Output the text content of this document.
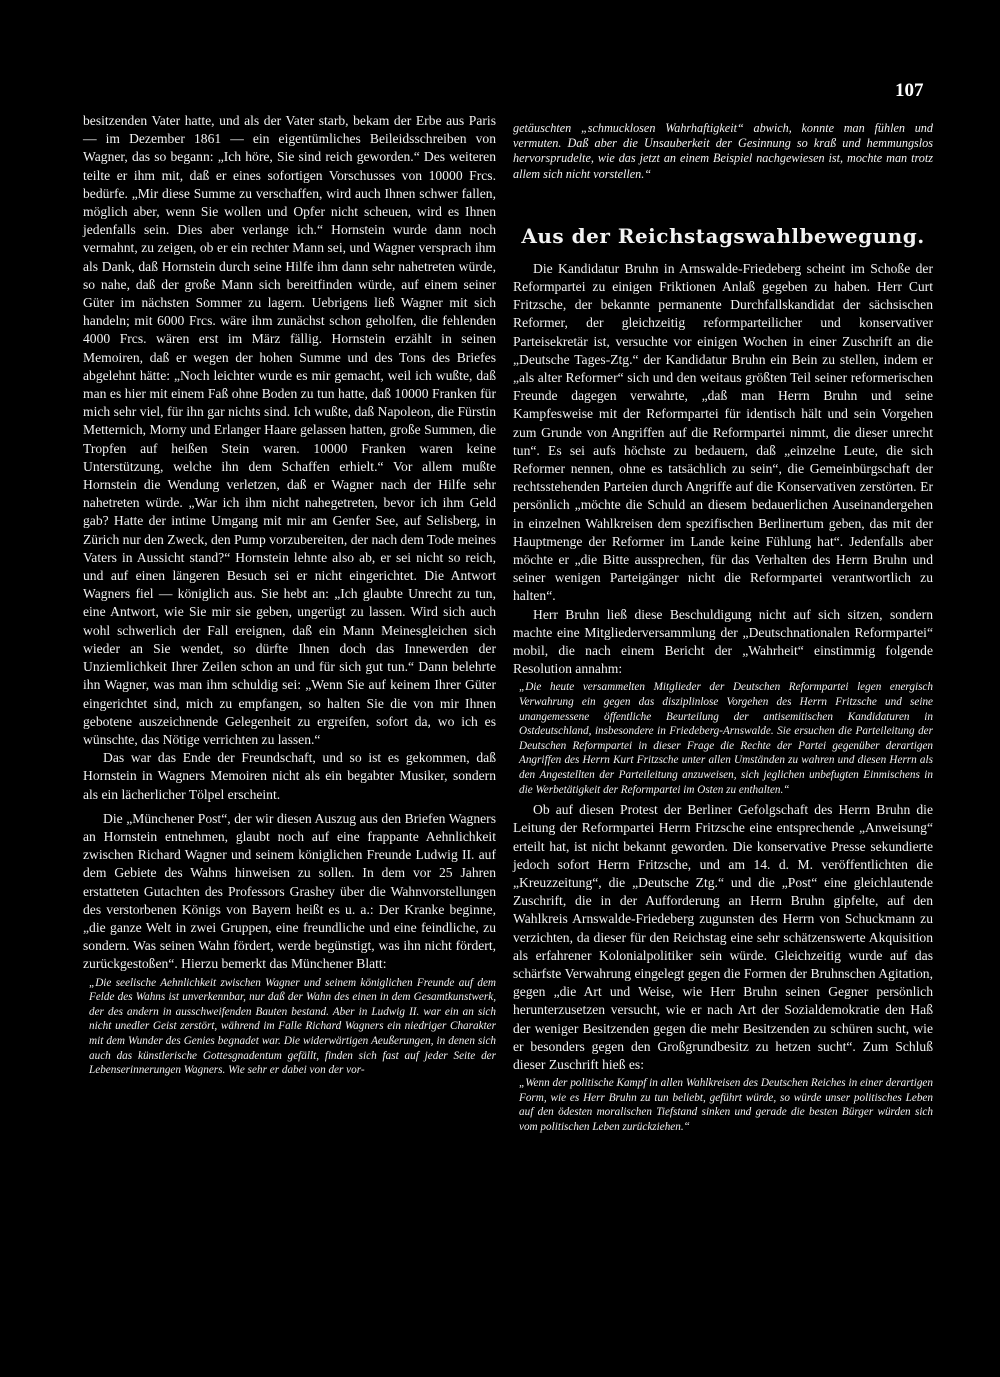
107

besitzenden Vater hatte, und als der Vater starb, bekam der Erbe aus Paris — im Dezember 1861 — ein eigentümliches Beileidsschreiben von Wagner, das so begann: „Ich höre, Sie sind reich geworden.“ Des weiteren teilte er ihm mit, daß er eines sofortigen Vorschusses von 10000 Frcs. bedürfe. „Mir diese Summe zu verschaffen, wird auch Ihnen schwer fallen, möglich aber, wenn Sie wollen und Opfer nicht scheuen, wird es Ihnen jedenfalls sein. Dies aber verlange ich.“ Hornstein wurde dann noch vermahnt, zu zeigen, ob er ein rechter Mann sei, und Wagner versprach ihm als Dank, daß Hornstein durch seine Hilfe ihm dann sehr nahetreten würde, so nahe, daß der große Mann sich bereitfinden würde, auf einem seiner Güter im nächsten Sommer zu lagern. Uebrigens ließ Wagner mit sich handeln; mit 6000 Frcs. wäre ihm zunächst schon geholfen, die fehlenden 4000 Frcs. wären erst im März fällig. Hornstein erzählt in seinen Memoiren, daß er wegen der hohen Summe und des Tons des Briefes abgelehnt hätte: „Noch leichter wurde es mir gemacht, weil ich wußte, daß man es hier mit einem Faß ohne Boden zu tun hatte, daß 10000 Franken für mich sehr viel, für ihn gar nichts sind. Ich wußte, daß Napoleon, die Fürstin Metternich, Morny und Erlanger Haare gelassen hatten, große Summen, die Tropfen auf heißen Stein waren. 10000 Franken waren keine Unterstützung, welche ihn dem Schaffen erhielt.“ Vor allem mußte Hornstein die Wendung verletzen, daß er Wagner nach der Hilfe sehr nahetreten würde. „War ich ihm nicht nahegetreten, bevor ich ihm Geld gab? Hatte der intime Umgang mit mir am Genfer See, auf Selisberg, in Zürich nur den Zweck, den Pump vorzubereiten, der nach dem Tode meines Vaters in Aussicht stand?“ Hornstein lehnte also ab, er sei nicht so reich, und auf einen längeren Besuch sei er nicht eingerichtet. Die Antwort Wagners fiel — königlich aus. Sie hebt an: „Ich glaubte Unrecht zu tun, eine Antwort, wie Sie mir sie geben, ungerügt zu lassen. Wird sich auch wohl schwerlich der Fall ereignen, daß ein Mann Meinesgleichen sich wieder an Sie wendet, so dürfte Ihnen doch das Innewerden der Unziemlichkeit Ihrer Zeilen schon an und für sich gut tun.“ Dann belehrte ihn Wagner, was man ihm schuldig sei: „Wenn Sie auf keinem Ihrer Güter eingerichtet sind, mich zu empfangen, so halten Sie die von mir Ihnen gebotene auszeichnende Gelegenheit zu ergreifen, sofort da, wo ich es wünschte, das Nötige verrichten zu lassen.“

Das war das Ende der Freundschaft, und so ist es gekommen, daß Hornstein in Wagners Memoiren nicht als ein begabter Musiker, sondern als ein lächerlicher Tölpel erscheint.

Die „Münchener Post“, der wir diesen Auszug aus den Briefen Wagners an Hornstein entnehmen, glaubt noch auf eine frappante Aehnlichkeit zwischen Richard Wagner und seinem königlichen Freunde Ludwig II. auf dem Gebiete des Wahns hinweisen zu sollen. In dem vor 25 Jahren erstatteten Gutachten des Professors Grashey über die Wahnvorstellungen des verstorbenen Königs von Bayern heißt es u. a.: Der Kranke beginne, „die ganze Welt in zwei Gruppen, eine freundliche und eine feindliche, zu sondern. Was seinen Wahn fördert, werde begünstigt, was ihn nicht fördert, zurückgestoßen“. Hierzu bemerkt das Münchener Blatt:

„Die seelische Aehnlichkeit zwischen Wagner und seinem königlichen Freunde auf dem Felde des Wahns ist unverkennbar, nur daß der Wahn des einen in dem Gesamtkunstwerk, der des andern in ausschweifenden Bauten bestand. Aber in Ludwig II. war ein an sich nicht unedler Geist zerstört, während im Falle Richard Wagners ein niedriger Charakter mit dem Wunder des Genies begnadet war. Die widerwärtigen Aeußerungen, in denen sich auch das künstlerische Gottesgnadentum gefällt, finden sich fast auf jeder Seite der Lebenserinnerungen Wagners. Wie sehr er dabei von der vor-
getäuschten „schmucklosen Wahrhaftigkeit“ abwich, konnte man fühlen und vermuten. Daß aber die Unsauberkeit der Gesinnung so kraß und hemmungslos hervorsprudelte, wie das jetzt an einem Beispiel nachgewiesen ist, mochte man trotz allem sich nicht vorstellen.“
Aus der Reichstagswahlbewegung.

Die Kandidatur Bruhn in Arnswalde-Friedeberg scheint im Schoße der Reformpartei zu einigen Friktionen Anlaß gegeben zu haben. Herr Curt Fritzsche, der bekannte permanente Durchfallskandidat der sächsischen Reformer, der gleichzeitig reformparteilicher und konservativer Parteisekretär ist, versuchte vor einigen Wochen in einer Zuschrift an die „Deutsche Tages-Ztg.“ der Kandidatur Bruhn ein Bein zu stellen, indem er „als alter Reformer“ sich und den weitaus größten Teil seiner reformerischen Freunde dagegen verwahrte, „daß man Herrn Bruhn und seine Kampfesweise mit der Reformpartei für identisch hält und sein Vorgehen zum Grunde von Angriffen auf die Reformpartei nimmt, die dieser unrecht tun“. Es sei aufs höchste zu bedauern, daß „einzelne Leute, die sich Reformer nennen, ohne es tatsächlich zu sein“, die Gemeinbürgschaft der rechtsstehenden Parteien durch Angriffe auf die Konservativen zerstörten. Er persönlich „möchte die Schuld an diesem bedauerlichen Auseinandergehen in einzelnen Wahlkreisen dem spezifischen Berlinertum geben, das mit der Hauptmenge der Reformer im Lande keine Fühlung hat“. Jedenfalls aber möchte er „die Bitte aussprechen, für das Verhalten des Herrn Bruhn und seiner wenigen Parteigänger nicht die Reformpartei verantwortlich zu halten“.

Herr Bruhn ließ diese Beschuldigung nicht auf sich sitzen, sondern machte eine Mitgliederversammlung der „Deutschnationalen Reformpartei“ mobil, die nach einem Bericht der „Wahrheit“ einstimmig folgende Resolution annahm:

„Die heute versammelten Mitglieder der Deutschen Reformpartei legen energisch Verwahrung ein gegen das disziplinlose Vorgehen des Herrn Fritzsche und seine unangemessene öffentliche Beurteilung der antisemitischen Kandidaturen in Ostdeutschland, insbesondere in Friedeberg-Arnswalde. Sie ersuchen die Parteileitung der Deutschen Reformpartei in dieser Frage die Rechte der Partei gegenüber derartigen Angriffen des Herrn Kurt Fritzsche unter allen Umständen zu wahren und diesen Herrn als den Angestellten der Parteileitung anzuweisen, sich jeglichen unbefugten Einmischens in die Werbetätigkeit der Reformpartei im Osten zu enthalten.“

Ob auf diesen Protest der Berliner Gefolgschaft des Herrn Bruhn die Leitung der Reformpartei Herrn Fritzsche eine entsprechende „Anweisung“ erteilt hat, ist nicht bekannt geworden. Die konservative Presse sekundierte jedoch sofort Herrn Fritzsche, und am 14. d. M. veröffentlichten die „Kreuzzeitung“, die „Deutsche Ztg.“ und die „Post“ eine gleichlautende Zuschrift, die in der Aufforderung an Herrn Bruhn gipfelte, auf den Wahlkreis Arnswalde-Friedeberg zugunsten des Herrn von Schuckmann zu verzichten, da dieser für den Reichstag eine sehr schätzenswerte Akquisition als erfahrener Kolonialpolitiker sein würde. Gleichzeitig wurde auf das schärfste Verwahrung eingelegt gegen die Formen der Bruhnschen Agitation, gegen „die Art und Weise, wie Herr Bruhn seinen Gegner persönlich herunterzusetzen versucht, wie er nach Art der Sozialdemokratie den Haß der weniger Besitzenden gegen die mehr Besitzenden zu schüren sucht, wie er besonders gegen den Großgrundbesitz zu hetzen sucht“. Zum Schluß dieser Zuschrift hieß es:

„Wenn der politische Kampf in allen Wahlkreisen des Deutschen Reiches in einer derartigen Form, wie es Herr Bruhn zu tun beliebt, geführt würde, so würde unser politisches Leben auf den ödesten moralischen Tiefstand sinken und gerade die besten Bürger würden sich vom politischen Leben zurückziehen.“
